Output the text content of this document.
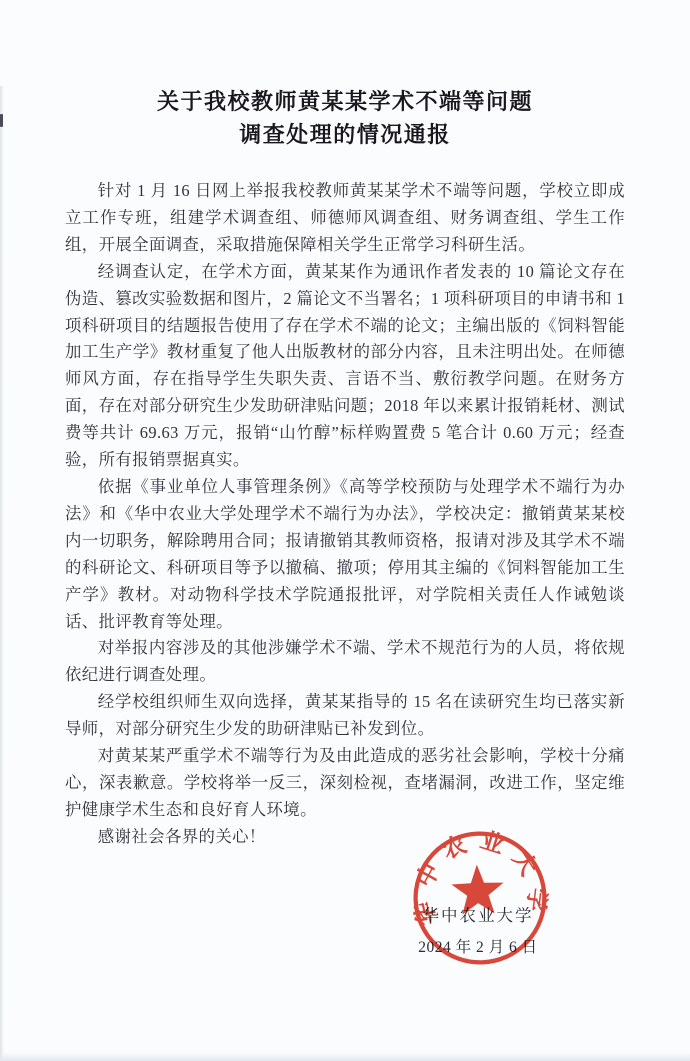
关于我校教师黄某某学术不端等问题
调查处理的情况通报

针对 1 月 16 日网上举报我校教师黄某某学术不端等问题，学校立即成立工作专班，组建学术调查组、师德师风调查组、财务调查组、学生工作组，开展全面调查，采取措施保障相关学生正常学习科研生活。

经调查认定，在学术方面，黄某某作为通讯作者发表的 10 篇论文存在伪造、篡改实验数据和图片，2 篇论文不当署名；1 项科研项目的申请书和 1 项科研项目的结题报告使用了存在学术不端的论文；主编出版的《饲料智能加工生产学》教材重复了他人出版教材的部分内容，且未注明出处。在师德师风方面，存在指导学生失职失责、言语不当、敷衍教学问题。在财务方面，存在对部分研究生少发助研津贴问题；2018 年以来累计报销耗材、测试费等共计 69.63 万元，报销“山竹醇”标样购置费 5 笔合计 0.60 万元；经查验，所有报销票据真实。

依据《事业单位人事管理条例》《高等学校预防与处理学术不端行为办法》和《华中农业大学处理学术不端行为办法》，学校决定：撤销黄某某校内一切职务，解除聘用合同；报请撤销其教师资格，报请对涉及其学术不端的科研论文、科研项目等予以撤稿、撤项；停用其主编的《饲料智能加工生产学》教材。对动物科学技术学院通报批评，对学院相关责任人作诫勉谈话、批评教育等处理。

对举报内容涉及的其他涉嫌学术不端、学术不规范行为的人员，将依规依纪进行调查处理。

经学校组织师生双向选择，黄某某指导的 15 名在读研究生均已落实新导师，对部分研究生少发的助研津贴已补发到位。

对黄某某严重学术不端等行为及由此造成的恶劣社会影响，学校十分痛心，深表歉意。学校将举一反三，深刻检视，查堵漏洞，改进工作，坚定维护健康学术生态和良好育人环境。

感谢社会各界的关心！

华中农业大学
2024 年 2 月 6 日
华中农业大学
